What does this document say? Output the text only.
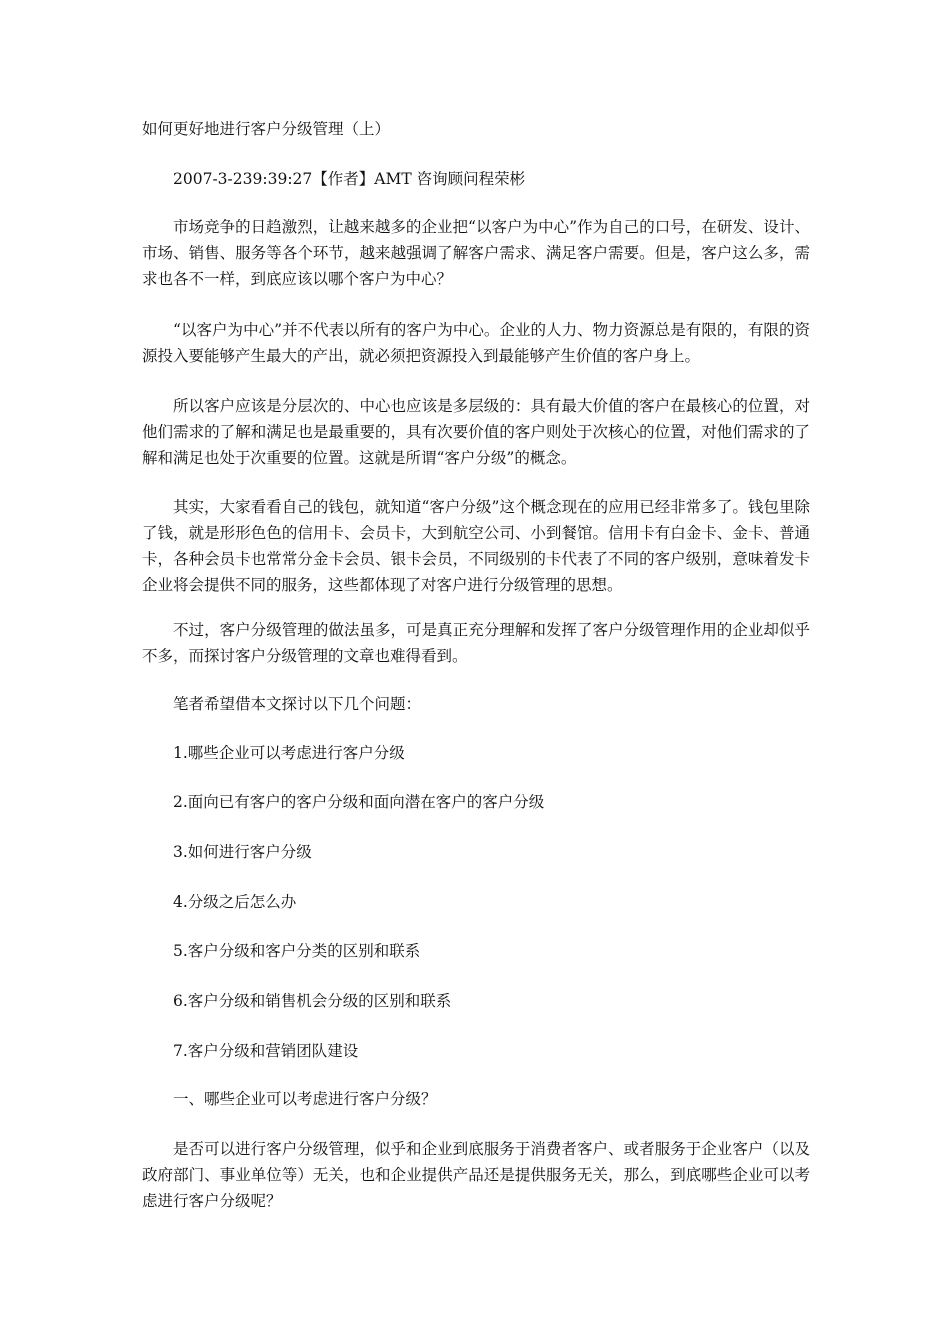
如何更好地进行客户分级管理（上）

2007-3-239:39:27【作者】AMT 咨询顾问程荣彬

市场竞争的日趋激烈，让越来越多的企业把“以客户为中心”作为自己的口号，在研发、设计、市场、销售、服务等各个环节，越来越强调了解客户需求、满足客户需要。但是，客户这么多，需求也各不一样，到底应该以哪个客户为中心？

“以客户为中心”并不代表以所有的客户为中心。企业的人力、物力资源总是有限的，有限的资源投入要能够产生最大的产出，就必须把资源投入到最能够产生价值的客户身上。

所以客户应该是分层次的、中心也应该是多层级的：具有最大价值的客户在最核心的位置，对他们需求的了解和满足也是最重要的，具有次要价值的客户则处于次核心的位置，对他们需求的了解和满足也处于次重要的位置。这就是所谓“客户分级”的概念。

其实，大家看看自己的钱包，就知道“客户分级”这个概念现在的应用已经非常多了。钱包里除了钱，就是形形色色的信用卡、会员卡，大到航空公司、小到餐馆。信用卡有白金卡、金卡、普通卡，各种会员卡也常常分金卡会员、银卡会员，不同级别的卡代表了不同的客户级别，意味着发卡企业将会提供不同的服务，这些都体现了对客户进行分级管理的思想。

不过，客户分级管理的做法虽多，可是真正充分理解和发挥了客户分级管理作用的企业却似乎不多，而探讨客户分级管理的文章也难得看到。

笔者希望借本文探讨以下几个问题：

1.哪些企业可以考虑进行客户分级

2.面向已有客户的客户分级和面向潜在客户的客户分级

3.如何进行客户分级

4.分级之后怎么办

5.客户分级和客户分类的区别和联系

6.客户分级和销售机会分级的区别和联系

7.客户分级和营销团队建设

一、哪些企业可以考虑进行客户分级？

是否可以进行客户分级管理，似乎和企业到底服务于消费者客户、或者服务于企业客户（以及政府部门、事业单位等）无关，也和企业提供产品还是提供服务无关，那么，到底哪些企业可以考虑进行客户分级呢？
